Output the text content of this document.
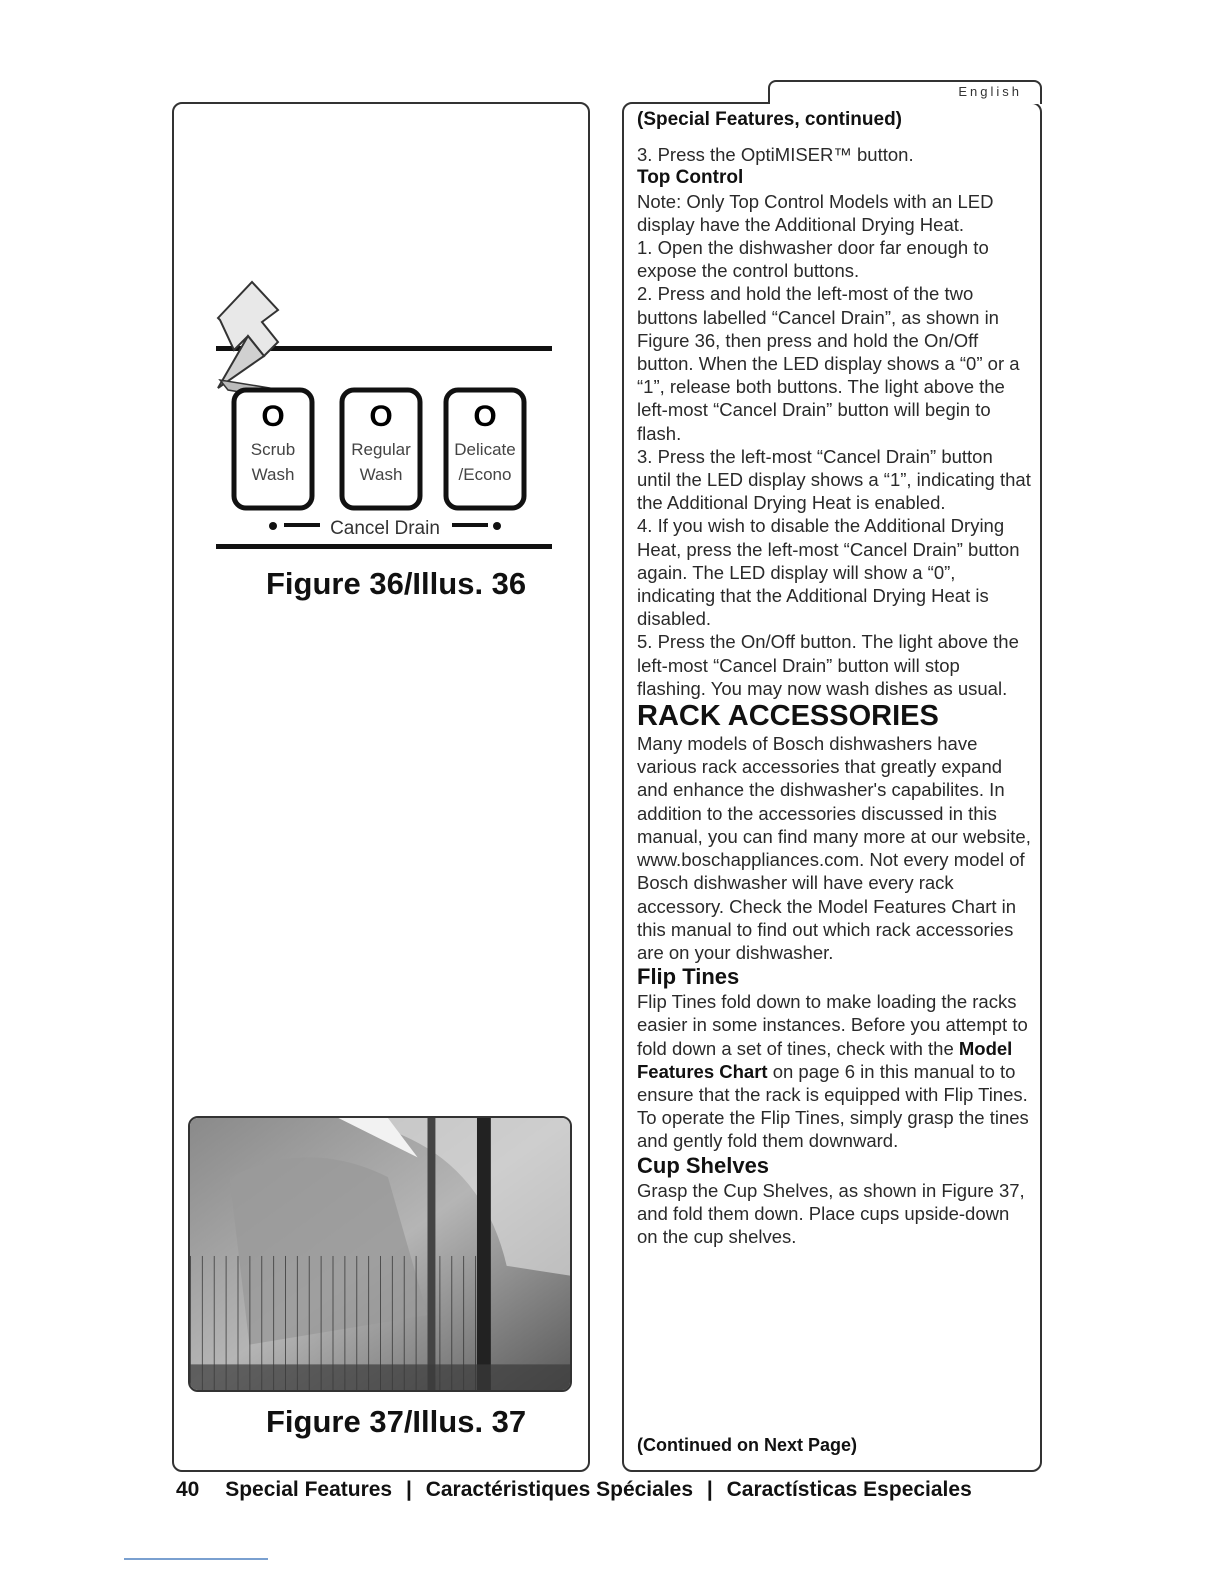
English
O
Scrub
Wash
O
Regular
Wash
O
Delicate
/Econo
Cancel Drain
Figure 36/Illus. 36
Figure 37/Illus. 37

(Special Features, continued)

3. Press the OptiMISER™ button.

Top Control

Note: Only Top Control Models with an LED display have the Additional Drying Heat.

1. Open the dishwasher door far enough to expose the control buttons.

2. Press and hold the left-most of the two buttons labelled “Cancel Drain”, as shown in Figure 36, then press and hold the On/Off button. When the LED display shows a “0” or a “1”, release both buttons. The light above the left-most “Cancel Drain” button will begin to flash.

3. Press the left-most “Cancel Drain” button until the LED display shows a “1”, indicating that the Additional Drying Heat is enabled.

4. If you wish to disable the Additional Drying Heat, press the left-most “Cancel Drain” button again. The LED display will show a “0”, indicating that the Additional Drying Heat is disabled.

5. Press the On/Off button. The light above the left-most “Cancel Drain” button will stop flashing. You may now wash dishes as usual.

RACK ACCESSORIES

Many models of Bosch dishwashers have various rack accessories that greatly expand and enhance the dishwasher's capabilites. In addition to the accessories discussed in this manual, you can find many more at our website, www.boschappliances.com. Not every model of Bosch dishwasher will have every rack accessory. Check the Model Features Chart in this manual to find out which rack accessories are on your dishwasher.

Flip Tines

Flip Tines fold down to make loading the racks easier in some instances. Before you attempt to fold down a set of tines, check with the Model Features Chart on page 6 in this manual to to ensure that the rack is equipped with Flip Tines.

To operate the Flip Tines, simply grasp the tines and gently fold them downward.

Cup Shelves

Grasp the Cup Shelves, as shown in Figure 37, and fold them down. Place cups upside-down on the cup shelves.

(Continued on Next Page)
40 Special Features | Caractéristiques Spéciales | Caractísticas Especiales
